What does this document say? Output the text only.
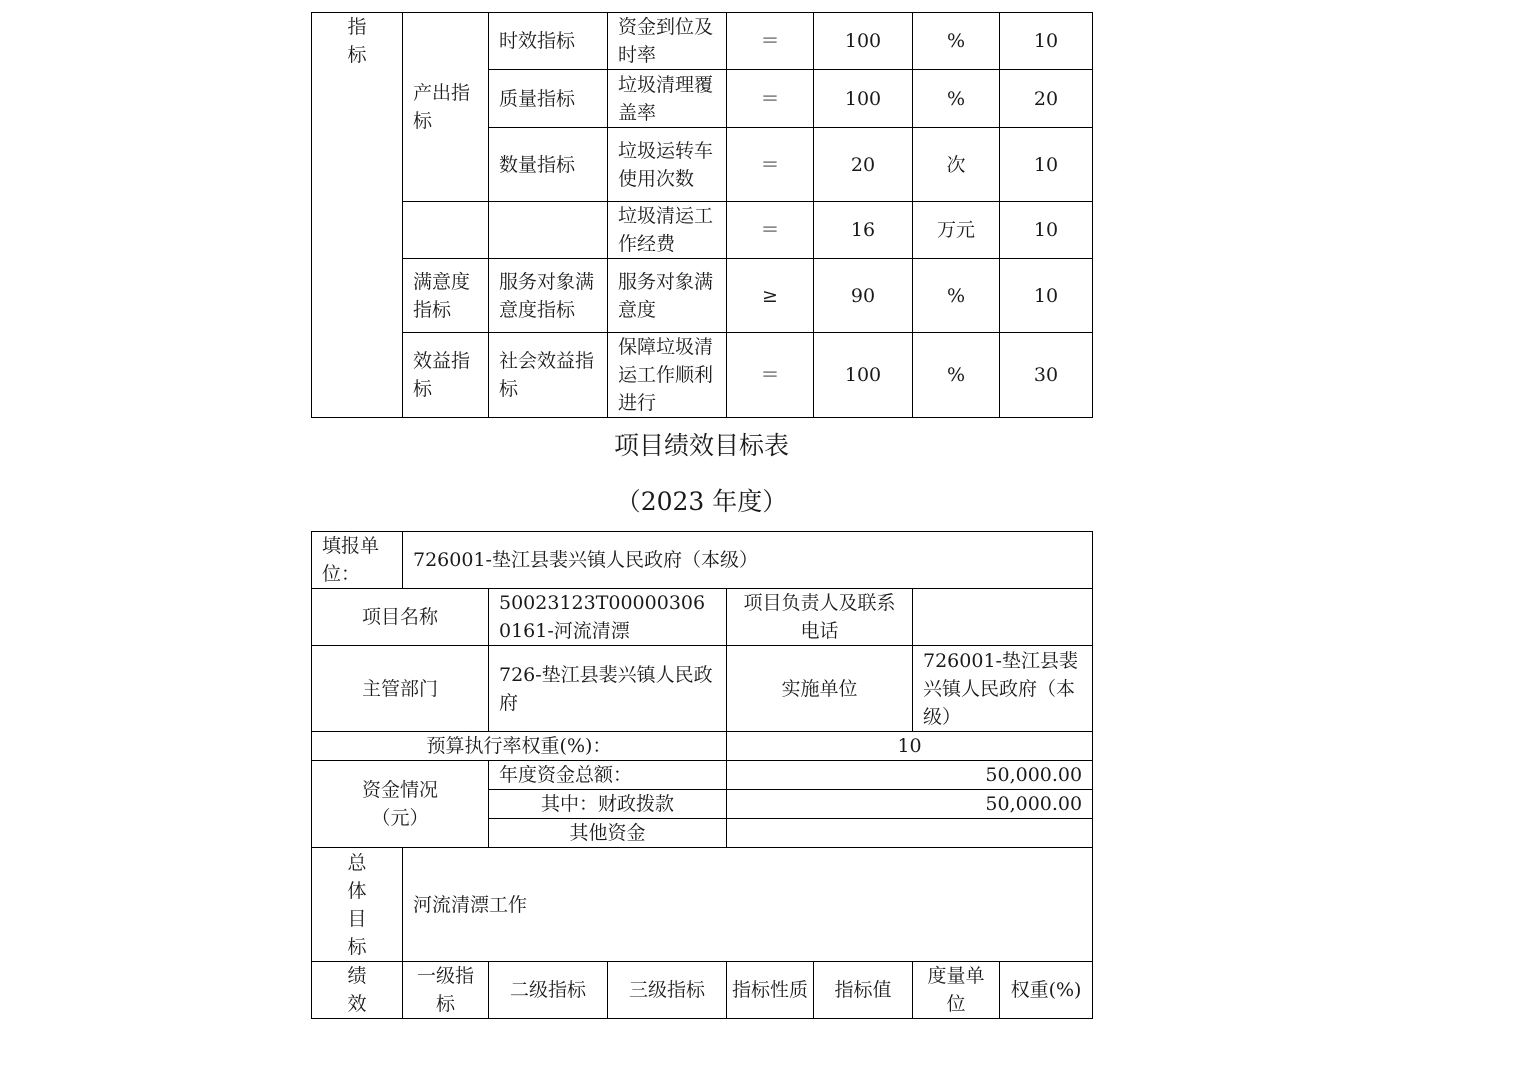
指标	产出指标	时效指标	资金到位及时率	＝	100	%	10
		质量指标	垃圾清理覆盖率	＝	100	%	20
		数量指标	垃圾运转车使用次数	＝	20	次	10
			垃圾清运工作经费	＝	16	万元	10
	满意度指标	服务对象满意度指标	服务对象满意度	≥	90	%	10
	效益指标	社会效益指标	保障垃圾清运工作顺利进行	＝	100	%	30
项目绩效目标表
（2023 年度）
填报单位：	726001-垫江县裴兴镇人民政府（本级）						
项目名称		50023123T000003060161-河流清漂		项目负责人及联系电话			
主管部门		726-垫江县裴兴镇人民政府		实施单位		726001-垫江县裴兴镇人民政府（本级）	
预算执行率权重(%)：				10			
资金情况（元）		年度资金总额：		50,000.00			
		其中：财政拨款		50,000.00			
		其他资金					
总体目标	河流清漂工作						
绩效	一级指标	二级指标	三级指标	指标性质	指标值	度量单位	权重(%)
